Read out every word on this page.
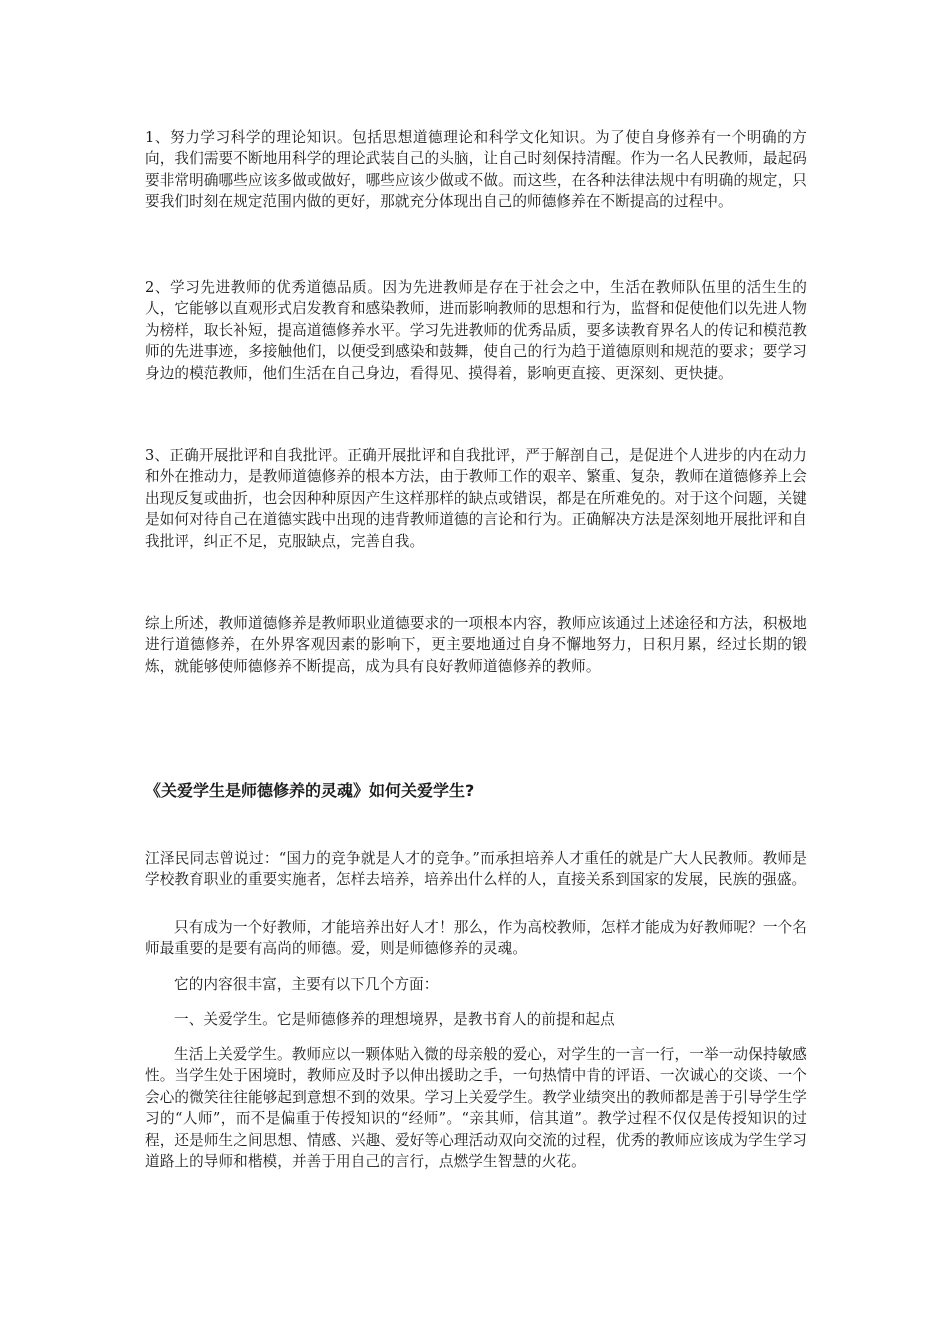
1、努力学习科学的理论知识。包括思想道德理论和科学文化知识。为了使自身修养有一个明确的方向，我们需要不断地用科学的理论武装自己的头脑，让自己时刻保持清醒。作为一名人民教师，最起码要非常明确哪些应该多做或做好，哪些应该少做或不做。而这些，在各种法律法规中有明确的规定，只要我们时刻在规定范围内做的更好，那就充分体现出自己的师德修养在不断提高的过程中。

2、学习先进教师的优秀道德品质。因为先进教师是存在于社会之中，生活在教师队伍里的活生生的人，它能够以直观形式启发教育和感染教师，进而影响教师的思想和行为，监督和促使他们以先进人物为榜样，取长补短，提高道德修养水平。学习先进教师的优秀品质，要多读教育界名人的传记和模范教师的先进事迹，多接触他们，以便受到感染和鼓舞，使自己的行为趋于道德原则和规范的要求；要学习身边的模范教师，他们生活在自己身边，看得见、摸得着，影响更直接、更深刻、更快捷。

3、正确开展批评和自我批评。正确开展批评和自我批评，严于解剖自己，是促进个人进步的内在动力和外在推动力，是教师道德修养的根本方法，由于教师工作的艰辛、繁重、复杂，教师在道德修养上会出现反复或曲折，也会因种种原因产生这样那样的缺点或错误，都是在所难免的。对于这个问题，关键是如何对待自己在道德实践中出现的违背教师道德的言论和行为。正确解决方法是深刻地开展批评和自我批评，纠正不足，克服缺点，完善自我。

综上所述，教师道德修养是教师职业道德要求的一项根本内容，教师应该通过上述途径和方法，积极地进行道德修养，在外界客观因素的影响下，更主要地通过自身不懈地努力，日积月累，经过长期的锻炼，就能够使师德修养不断提高，成为具有良好教师道德修养的教师。

《关爱学生是师德修养的灵魂》如何关爱学生?

江泽民同志曾说过：“国力的竞争就是人才的竞争。”而承担培养人才重任的就是广大人民教师。教师是学校教育职业的重要实施者，怎样去培养，培养出什么样的人，直接关系到国家的发展，民族的强盛。

只有成为一个好教师，才能培养出好人才！那么，作为高校教师，怎样才能成为好教师呢？一个名师最重要的是要有高尚的师德。爱，则是师德修养的灵魂。

它的内容很丰富，主要有以下几个方面：

一、关爱学生。它是师德修养的理想境界，是教书育人的前提和起点

生活上关爱学生。教师应以一颗体贴入微的母亲般的爱心，对学生的一言一行，一举一动保持敏感性。当学生处于困境时，教师应及时予以伸出援助之手，一句热情中肯的评语、一次诚心的交谈、一个会心的微笑往往能够起到意想不到的效果。学习上关爱学生。教学业绩突出的教师都是善于引导学生学习的“人师”，而不是偏重于传授知识的“经师”。“亲其师，信其道”。教学过程不仅仅是传授知识的过程，还是师生之间思想、情感、兴趣、爱好等心理活动双向交流的过程，优秀的教师应该成为学生学习道路上的导师和楷模，并善于用自己的言行，点燃学生智慧的火花。
